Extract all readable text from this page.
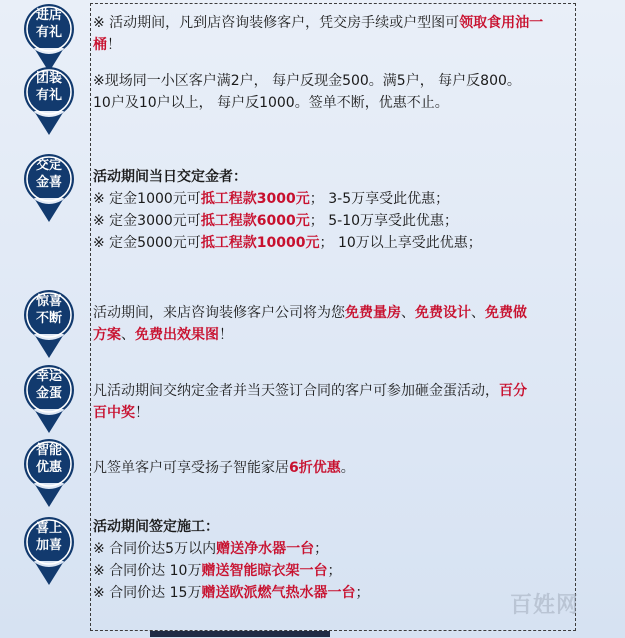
进店
有礼
团装
有礼
交定
金喜
惊喜
不断
幸运
金蛋
智能
优惠
喜上
加喜

※ 活动期间，凡到店咨询装修客户，凭交房手续或户型图可领取食用油一桶！

※现场同一小区客户满2户， 每户反现金500。满5户， 每户反800。

10户及10户以上， 每户反1000。签单不断，优惠不止。

活动期间当日交定金者：

※ 定金1000元可抵工程款3000元； 3-5万享受此优惠；

※ 定金3000元可抵工程款6000元； 5-10万享受此优惠；

※ 定金5000元可抵工程款10000元； 10万以上享受此优惠；

活动期间，来店咨询装修客户公司将为您免费量房、免费设计、免费做

方案、免费出效果图！

凡活动期间交纳定金者并当天签订合同的客户可参加砸金蛋活动，百分

百中奖！

凡签单客户可享受扬子智能家居6折优惠。

活动期间签定施工：

※ 合同价达5万以内赠送净水器一台；

※ 合同价达 10万赠送智能晾衣架一台；

※ 合同价达 15万赠送欧派燃气热水器一台；	百姓网
